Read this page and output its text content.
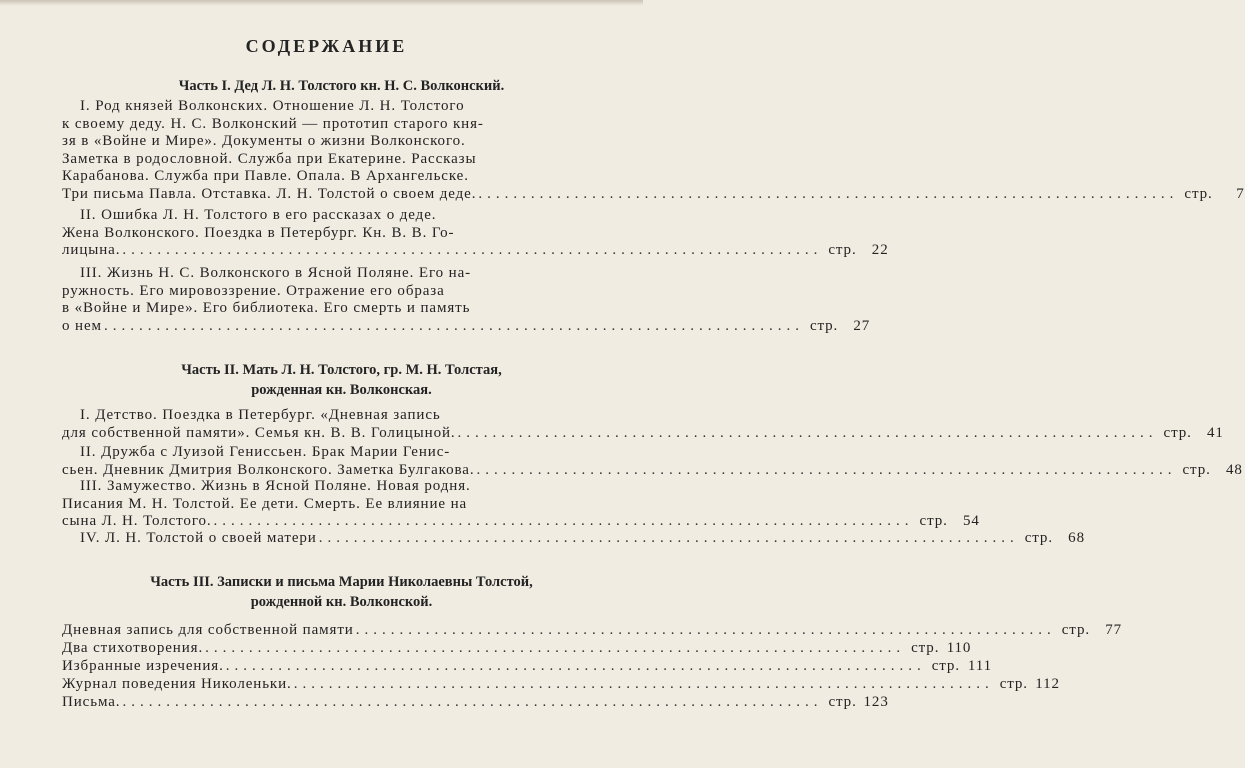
СОДЕРЖАНИЕ
Часть I. Дед Л. Н. Толстого кн. Н. С. Волконский.
I. Род князей Волконских. Отношение Л. Н. Толстого
к своему деду. Н. С. Волконский — прототип старого кня-
зя в «Войне и Мире». Документы о жизни Волконского.
Заметка в родословной. Служба при Екатерине. Рассказы
Карабанова. Служба при Павле. Опала. В Архангельске.
Три письма Павла. Отставка. Л. Н. Толстой о своем деде. ................................................................................ стр. 7
II. Ошибка Л. Н. Толстого в его рассказах о деде.
Жена Волконского. Поездка в Петербург. Кн. В. В. Го-
лицына. ................................................................................ стр. 22
III. Жизнь Н. С. Волконского в Ясной Поляне. Его на-
ружность. Его мировоззрение. Отражение его образа
в «Войне и Мире». Его библиотека. Его смерть и память
о нем ................................................................................ стр. 27
Часть II. Мать Л. Н. Толстого, гр. М. Н. Толстая,
рожденная кн. Волконская.
I. Детство. Поездка в Петербург. «Дневная запись
для собственной памяти». Семья кн. В. В. Голицыной. ................................................................................ стр. 41
II. Дружба с Луизой Гениссьен. Брак Марии Генис-
сьен. Дневник Дмитрия Волконского. Заметка Булгакова. ................................................................................ стр. 48
III. Замужество. Жизнь в Ясной Поляне. Новая родня.
Писания М. Н. Толстой. Ее дети. Смерть. Ее влияние на
сына Л. Н. Толстого. ................................................................................ стр. 54
IV. Л. Н. Толстой о своей матери ................................................................................ стр. 68
Часть III. Записки и письма Марии Николаевны Толстой,
рожденной кн. Волконской.
Дневная запись для собственной памяти ................................................................................ стр. 77
Два стихотворения. ................................................................................ стр. 110
Избранные изречения. ................................................................................ стр. 111
Журнал поведения Николеньки. ................................................................................ стр. 112
Письма. ................................................................................ стр. 123
